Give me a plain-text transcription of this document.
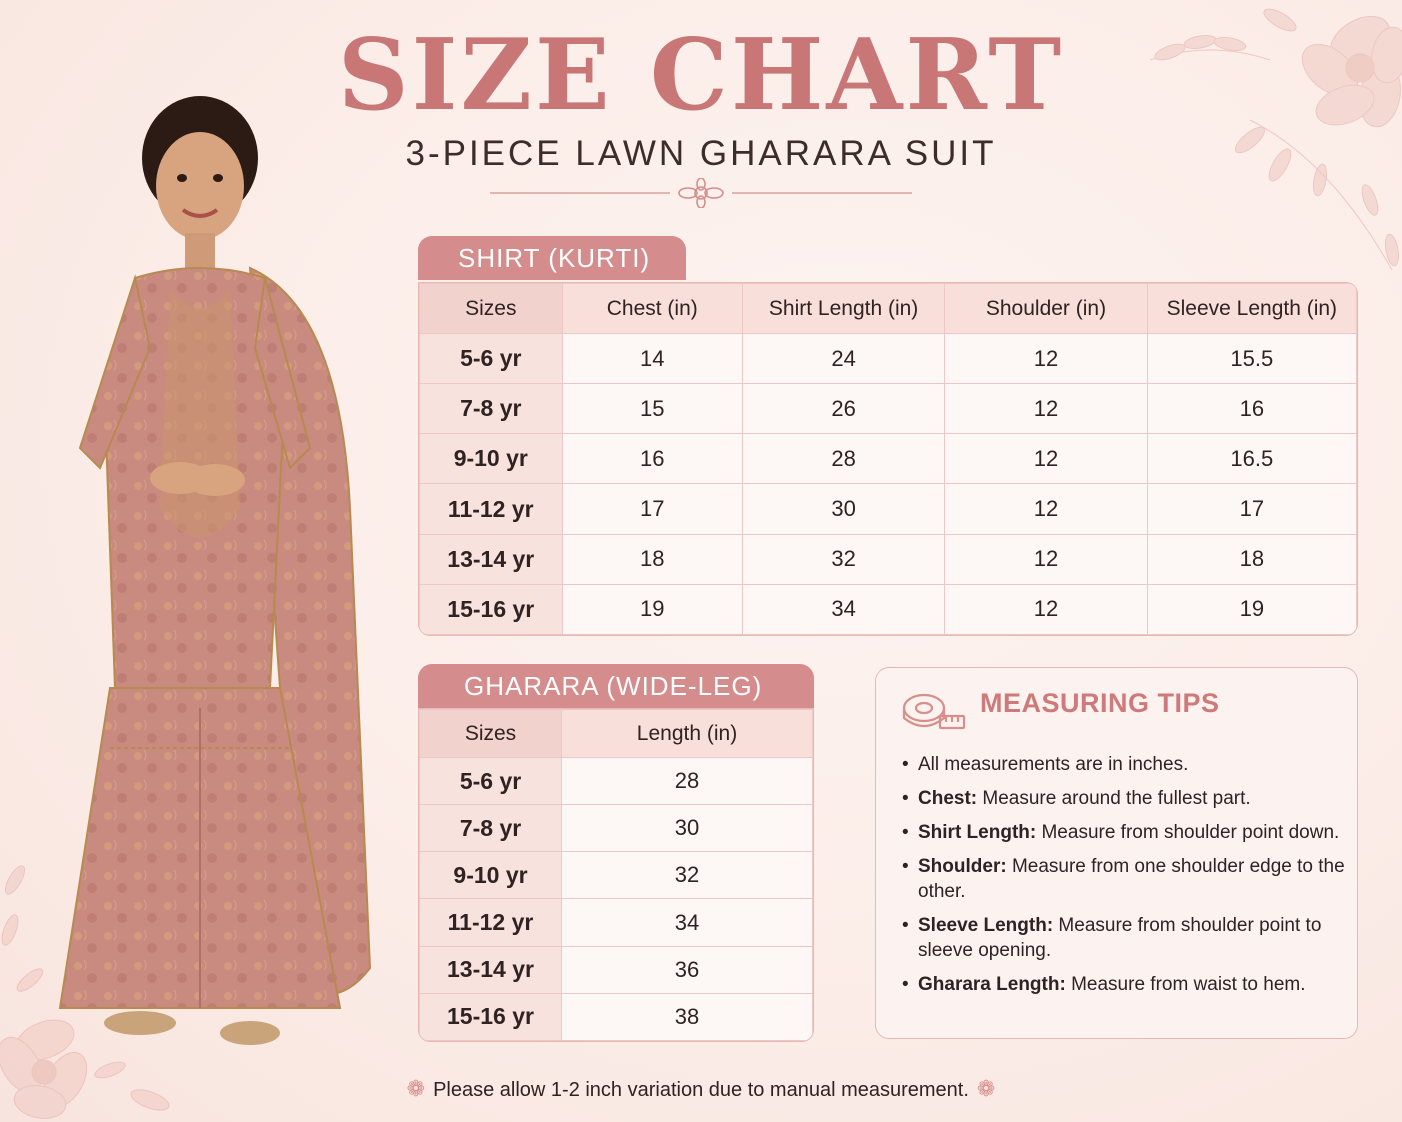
SIZE CHART
3-PIECE LAWN GHARARA SUIT
SHIRT (KURTI)
Sizes	Chest (in)	Shirt Length (in)	Shoulder (in)	Sleeve Length (in)
5-6 yr	14	24	12	15.5
7-8 yr	15	26	12	16
9-10 yr	16	28	12	16.5
11-12 yr	17	30	12	17
13-14 yr	18	32	12	18
15-16 yr	19	34	12	19
GHARARA (WIDE-LEG)
Sizes	Length (in)
5-6 yr	28
7-8 yr	30
9-10 yr	32
11-12 yr	34
13-14 yr	36
15-16 yr	38
MEASURING TIPS
• All measurements are in inches.
• Chest: Measure around the fullest part.
• Shirt Length: Measure from shoulder point down.
• Shoulder: Measure from one shoulder edge to the other.
• Sleeve Length: Measure from shoulder point to sleeve opening.
• Gharara Length: Measure from waist to hem.
❁ Please allow 1-2 inch variation due to manual measurement. ❁
